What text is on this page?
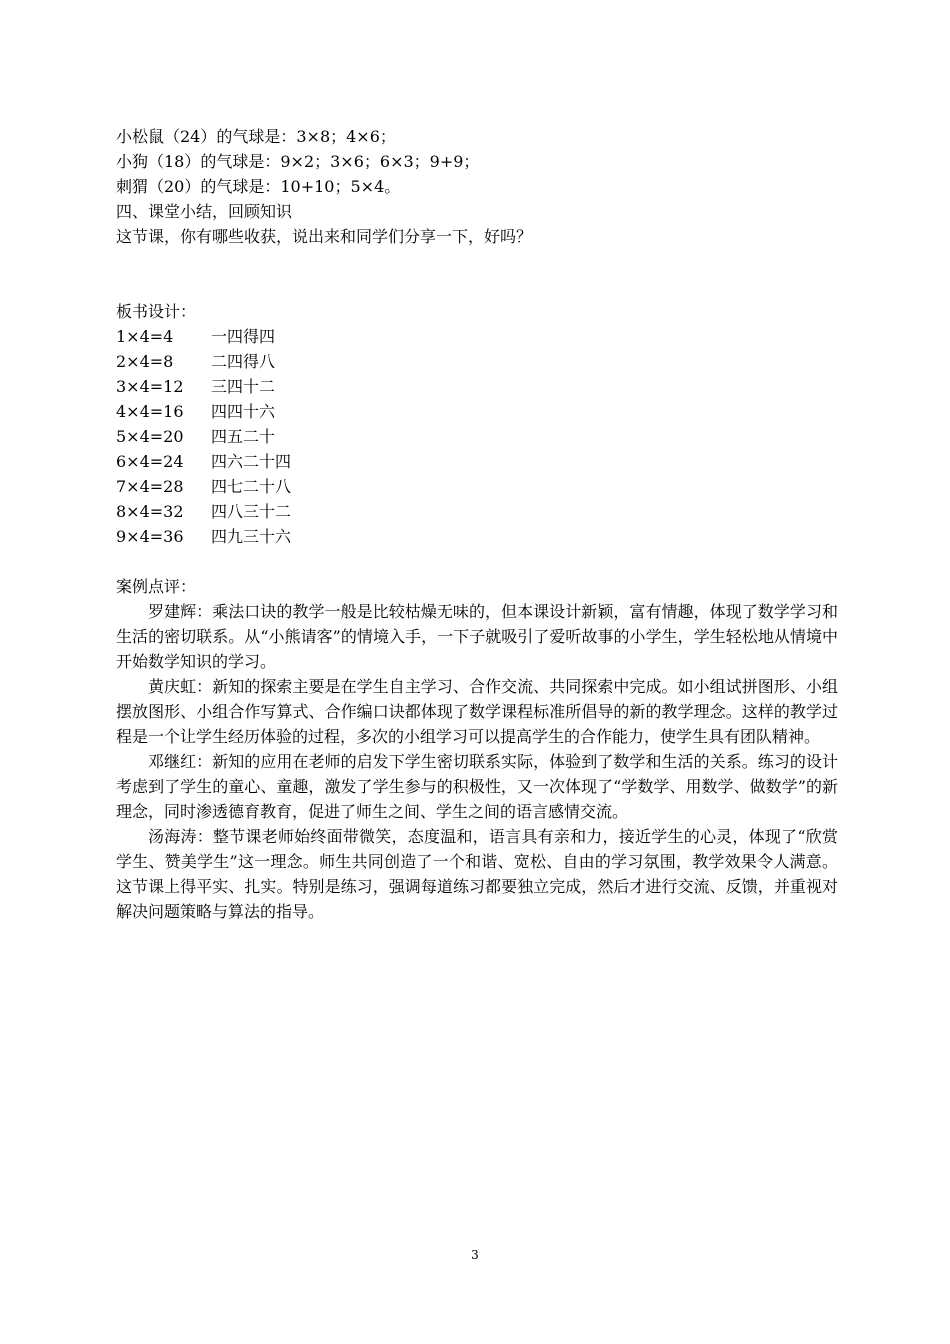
小松鼠（24）的气球是：3×8；4×6；
小狗（18）的气球是：9×2；3×6；6×3；9+9；
刺猬（20）的气球是：10+10；5×4。
四、课堂小结，回顾知识
这节课，你有哪些收获，说出来和同学们分享一下，好吗？
板书设计：
1×4=4	一四得四
2×4=8	二四得八
3×4=12	三四十二
4×4=16	四四十六
5×4=20	四五二十
6×4=24	四六二十四
7×4=28	四七二十八
8×4=32	四八三十二
9×4=36	四九三十六
案例点评：
罗建辉：乘法口诀的教学一般是比较枯燥无味的，但本课设计新颖，富有情趣，体现了数学学习和生活的密切联系。从“小熊请客”的情境入手，一下子就吸引了爱听故事的小学生，学生轻松地从情境中开始数学知识的学习。
黄庆虹：新知的探索主要是在学生自主学习、合作交流、共同探索中完成。如小组试拼图形、小组摆放图形、小组合作写算式、合作编口诀都体现了数学课程标准所倡导的新的教学理念。这样的教学过程是一个让学生经历体验的过程，多次的小组学习可以提高学生的合作能力，使学生具有团队精神。
邓继红：新知的应用在老师的启发下学生密切联系实际，体验到了数学和生活的关系。练习的设计考虑到了学生的童心、童趣，激发了学生参与的积极性，又一次体现了“学数学、用数学、做数学”的新理念，同时渗透德育教育，促进了师生之间、学生之间的语言感情交流。
汤海涛：整节课老师始终面带微笑，态度温和，语言具有亲和力，接近学生的心灵，体现了“欣赏学生、赞美学生”这一理念。师生共同创造了一个和谐、宽松、自由的学习氛围，教学效果令人满意。这节课上得平实、扎实。特别是练习，强调每道练习都要独立完成，然后才进行交流、反馈，并重视对解决问题策略与算法的指导。
3
